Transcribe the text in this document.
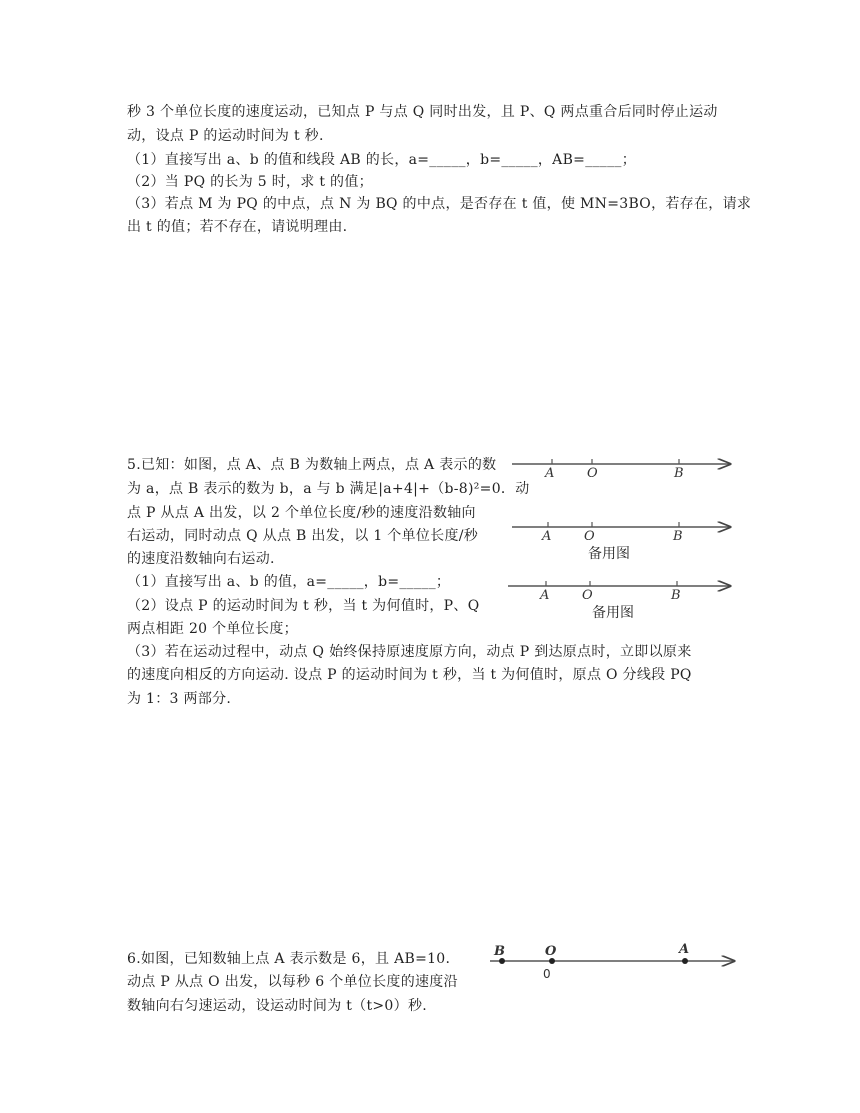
秒 3 个单位长度的速度运动，已知点 P 与点 Q 同时出发，且 P、Q 两点重合后同时停止运动
动，设点 P 的运动时间为 t 秒.
（1）直接写出 a、b 的值和线段 AB 的长，a=_____，b=_____，AB=_____；
（2）当 PQ 的长为 5 时，求 t 的值；
（3）若点 M 为 PQ 的中点，点 N 为 BQ 的中点，是否存在 t 值，使 MN=3BO，若存在，请求
出 t 的值；若不存在，请说明理由.
5.已知：如图，点 A、点 B 为数轴上两点，点 A 表示的数
为 a，点 B 表示的数为 b，a 与 b 满足|a+4|+（b-8)²=0．动
点 P 从点 A 出发，以 2 个单位长度/秒的速度沿数轴向
右运动，同时动点 Q 从点 B 出发，以 1 个单位长度/秒
的速度沿数轴向右运动.
（1）直接写出 a、b 的值，a=_____，b=_____；
（2）设点 P 的运动时间为 t 秒，当 t 为何值时，P、Q
两点相距 20 个单位长度；
（3）若在运动过程中，动点 Q 始终保持原速度原方向，动点 P 到达原点时，立即以原来
的速度向相反的方向运动. 设点 P 的运动时间为 t 秒，当 t 为何值时，原点 O 分线段 PQ
为 1：3 两部分.
A	O	B
A	O	B
备用图
A	O	B
备用图
6.如图，已知数轴上点 A 表示数是 6，且 AB=10.
动点 P 从点 O 出发，以每秒 6 个单位长度的速度沿
数轴向右匀速运动，设运动时间为 t（t>0）秒.
B	O
0
A
